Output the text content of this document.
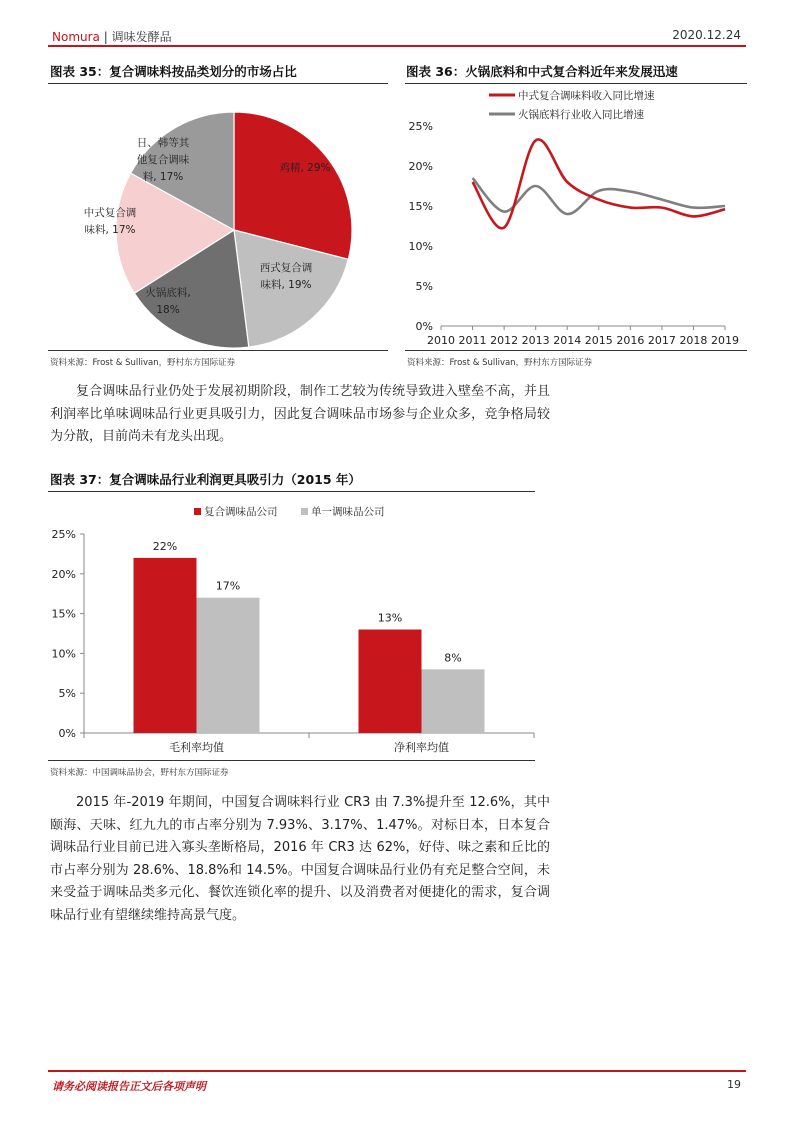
Nomura | 调味发酵品	2020.12.24
图表 35：复合调味料按品类划分的市场占比
鸡精, 29%
西式复合调味料, 19%
火锅底料, 18%
中式复合调味料, 17%
日、韩等其他复合调味料, 17%
资料来源：Frost & Sullivan，野村东方国际证券
图表 36：火锅底料和中式复合料近年来发展迅速
中式复合调味料收入同比增速
火锅底料行业收入同比增速
0%
5%
10%
15%
20%
25%
2010 2011 2012 2013 2014 2015 2016 2017 2018 2019
资料来源：Frost & Sullivan，野村东方国际证券

复合调味品行业仍处于发展初期阶段，制作工艺较为传统导致进入壁垒不高，并且利润率比单味调味品行业更具吸引力，因此复合调味品市场参与企业众多，竞争格局较为分散，目前尚未有龙头出现。

图表 37：复合调味品行业利润更具吸引力（2015 年）
复合调味品公司	单一调味品公司
0%
5%
10%
15%
20%
25%
毛利率均值	净利率均值
22%
17%
13%
8%
资料来源：中国调味品协会，野村东方国际证券

2015 年-2019 年期间，中国复合调味料行业 CR3 由 7.3%提升至 12.6%，其中颐海、天味、红九九的市占率分别为 7.93%、3.17%、1.47%。对标日本，日本复合调味品行业目前已进入寡头垄断格局，2016 年 CR3 达 62%，好侍、味之素和丘比的市占率分别为 28.6%、18.8%和 14.5%。中国复合调味品行业仍有充足整合空间，未来受益于调味品类多元化、餐饮连锁化率的提升、以及消费者对便捷化的需求，复合调味品行业有望继续维持高景气度。

请务必阅读报告正文后各项声明	19
